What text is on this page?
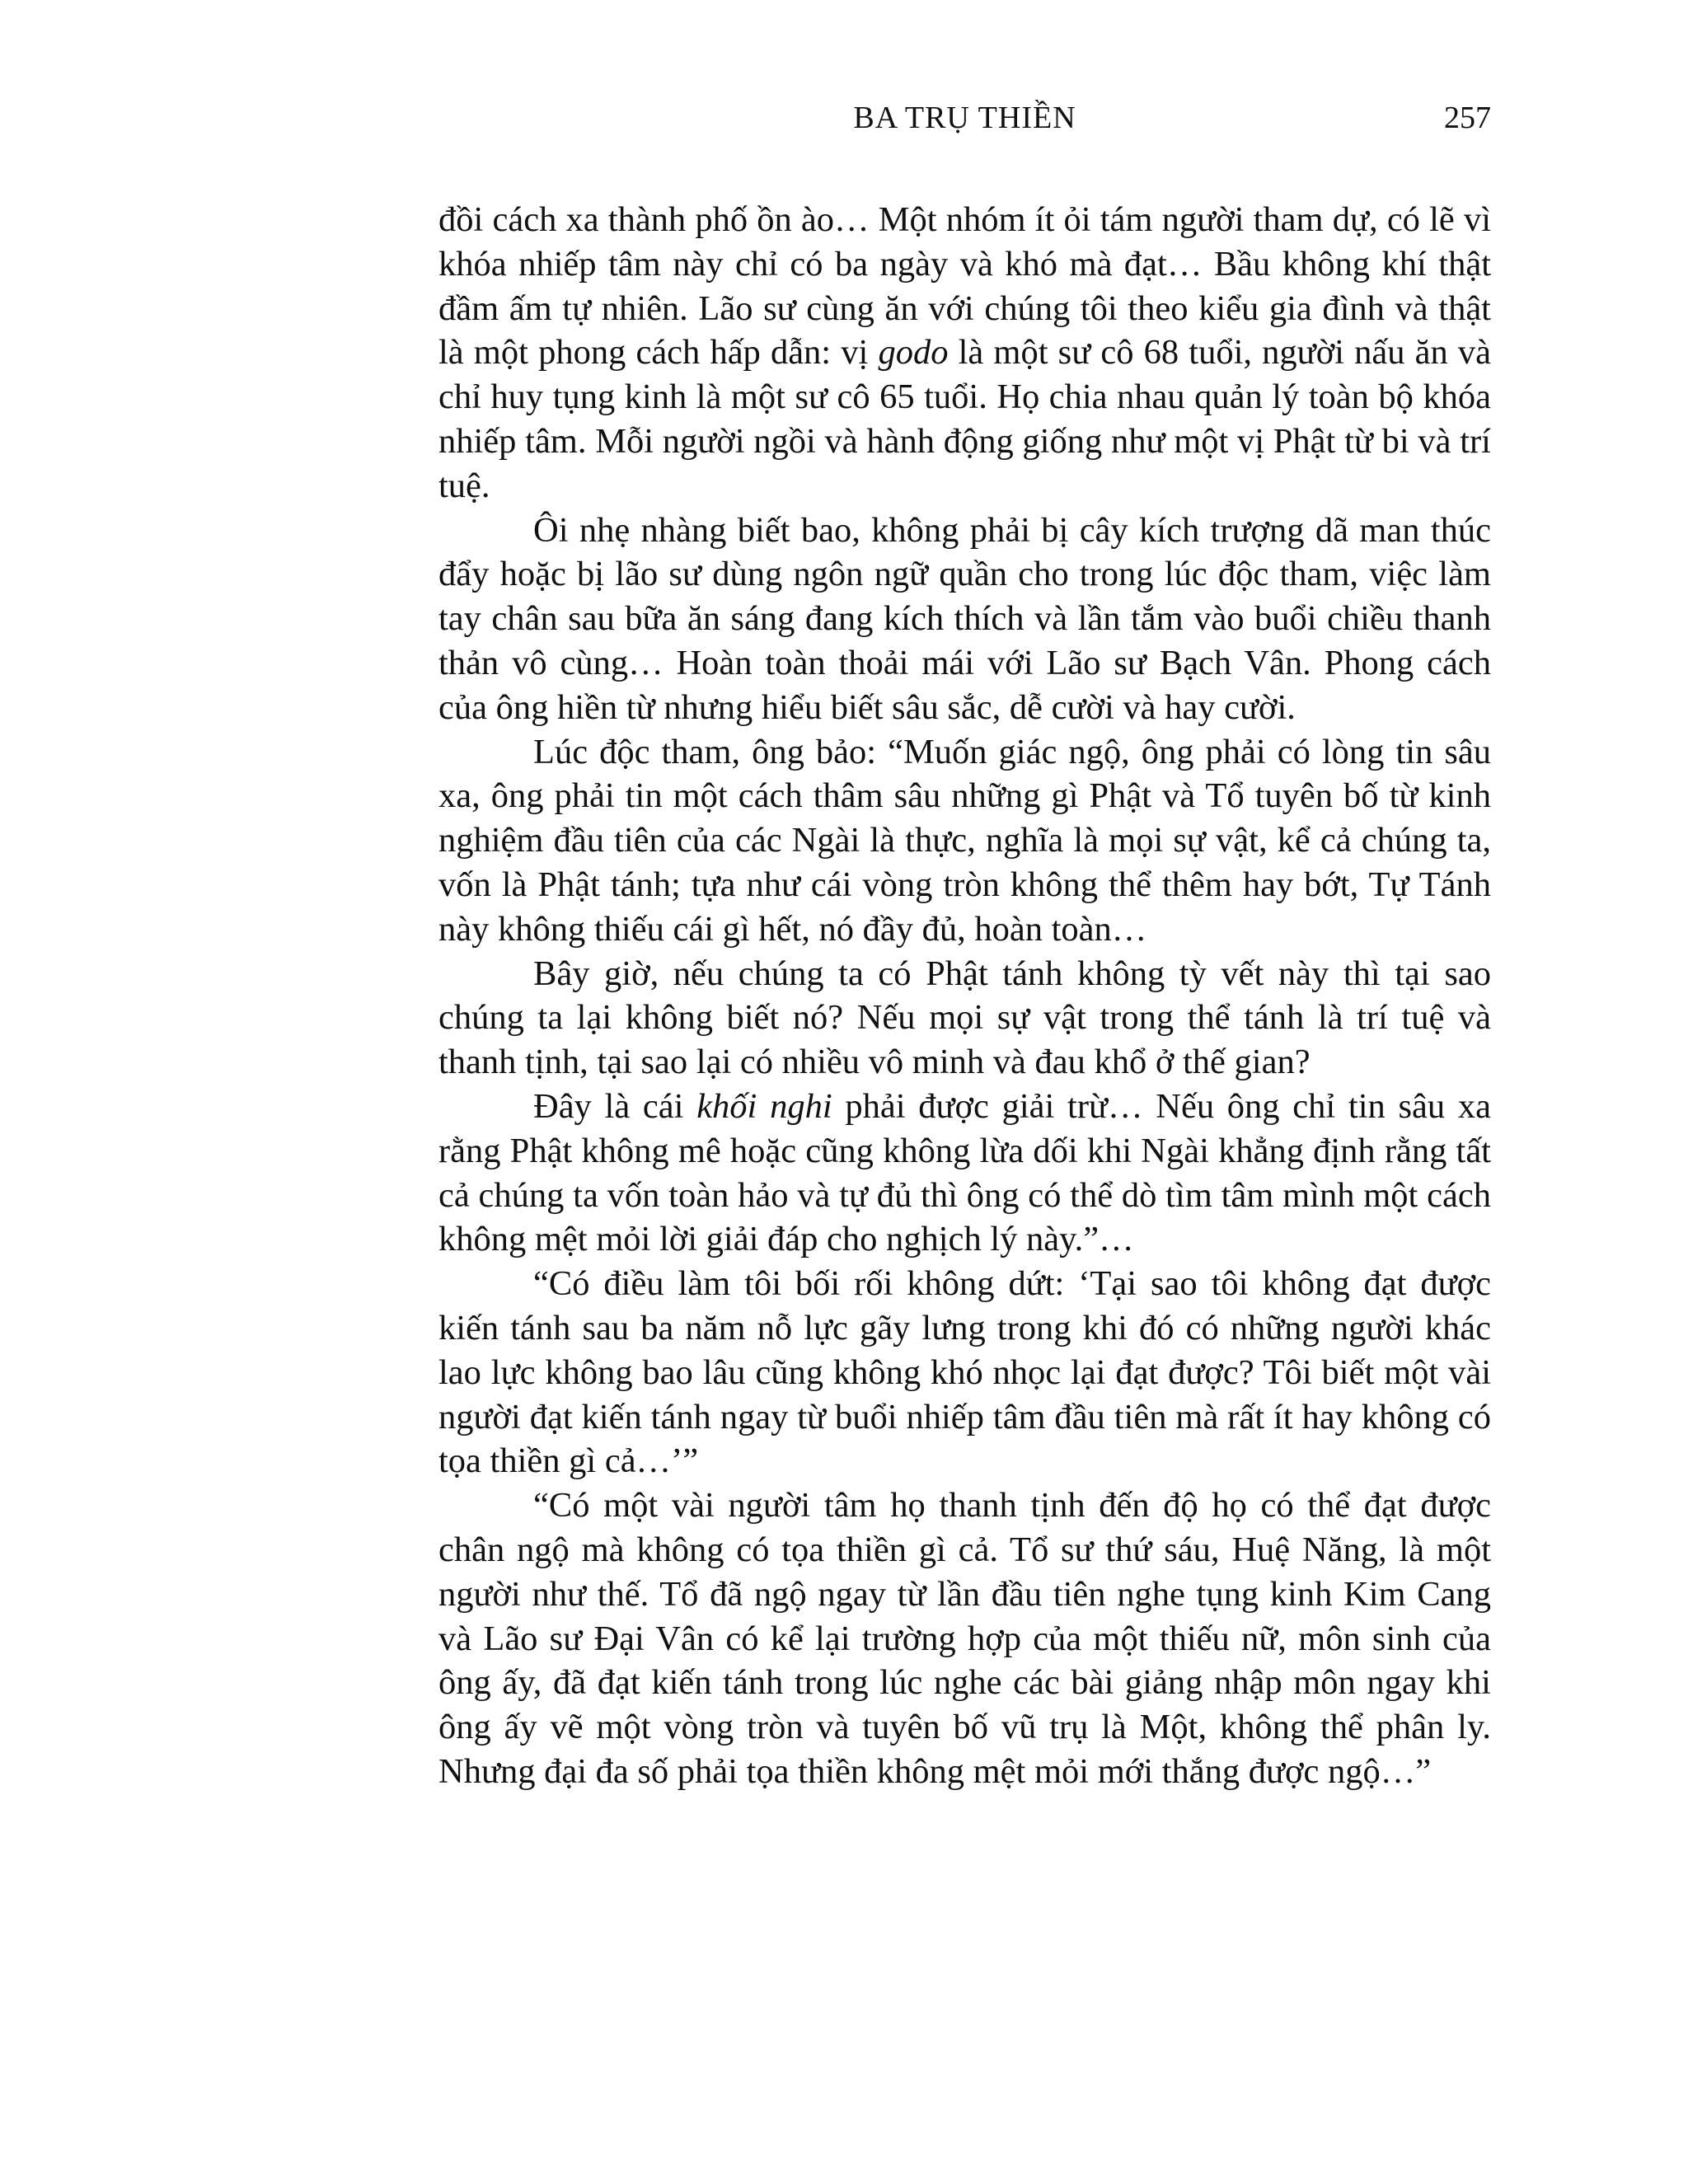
BA TRỤ THIỀN	257

đồi cách xa thành phố ồn ào… Một nhóm ít ỏi tám người tham dự, có lẽ vì khóa nhiếp tâm này chỉ có ba ngày và khó mà đạt… Bầu không khí thật đầm ấm tự nhiên. Lão sư cùng ăn với chúng tôi theo kiểu gia đình và thật là một phong cách hấp dẫn: vị godo là một sư cô 68 tuổi, người nấu ăn và chỉ huy tụng kinh là một sư cô 65 tuổi. Họ chia nhau quản lý toàn bộ khóa nhiếp tâm. Mỗi người ngồi và hành động giống như một vị Phật từ bi và trí tuệ.

Ôi nhẹ nhàng biết bao, không phải bị cây kích trượng dã man thúc đẩy hoặc bị lão sư dùng ngôn ngữ quần cho trong lúc độc tham, việc làm tay chân sau bữa ăn sáng đang kích thích và lần tắm vào buổi chiều thanh thản vô cùng… Hoàn toàn thoải mái với Lão sư Bạch Vân. Phong cách của ông hiền từ nhưng hiểu biết sâu sắc, dễ cười và hay cười.

Lúc độc tham, ông bảo: “Muốn giác ngộ, ông phải có lòng tin sâu xa, ông phải tin một cách thâm sâu những gì Phật và Tổ tuyên bố từ kinh nghiệm đầu tiên của các Ngài là thực, nghĩa là mọi sự vật, kể cả chúng ta, vốn là Phật tánh; tựa như cái vòng tròn không thể thêm hay bớt, Tự Tánh này không thiếu cái gì hết, nó đầy đủ, hoàn toàn…

Bây giờ, nếu chúng ta có Phật tánh không tỳ vết này thì tại sao chúng ta lại không biết nó? Nếu mọi sự vật trong thể tánh là trí tuệ và thanh tịnh, tại sao lại có nhiều vô minh và đau khổ ở thế gian?

Đây là cái khối nghi phải được giải trừ… Nếu ông chỉ tin sâu xa rằng Phật không mê hoặc cũng không lừa dối khi Ngài khẳng định rằng tất cả chúng ta vốn toàn hảo và tự đủ thì ông có thể dò tìm tâm mình một cách không mệt mỏi lời giải đáp cho nghịch lý này.”…

“Có điều làm tôi bối rối không dứt: ‘Tại sao tôi không đạt được kiến tánh sau ba năm nỗ lực gãy lưng trong khi đó có những người khác lao lực không bao lâu cũng không khó nhọc lại đạt được? Tôi biết một vài người đạt kiến tánh ngay từ buổi nhiếp tâm đầu tiên mà rất ít hay không có tọa thiền gì cả…’”

“Có một vài người tâm họ thanh tịnh đến độ họ có thể đạt được chân ngộ mà không có tọa thiền gì cả. Tổ sư thứ sáu, Huệ Năng, là một người như thế. Tổ đã ngộ ngay từ lần đầu tiên nghe tụng kinh Kim Cang và Lão sư Đại Vân có kể lại trường hợp của một thiếu nữ, môn sinh của ông ấy, đã đạt kiến tánh trong lúc nghe các bài giảng nhập môn ngay khi ông ấy vẽ một vòng tròn và tuyên bố vũ trụ là Một, không thể phân ly. Nhưng đại đa số phải tọa thiền không mệt mỏi mới thắng được ngộ…”
